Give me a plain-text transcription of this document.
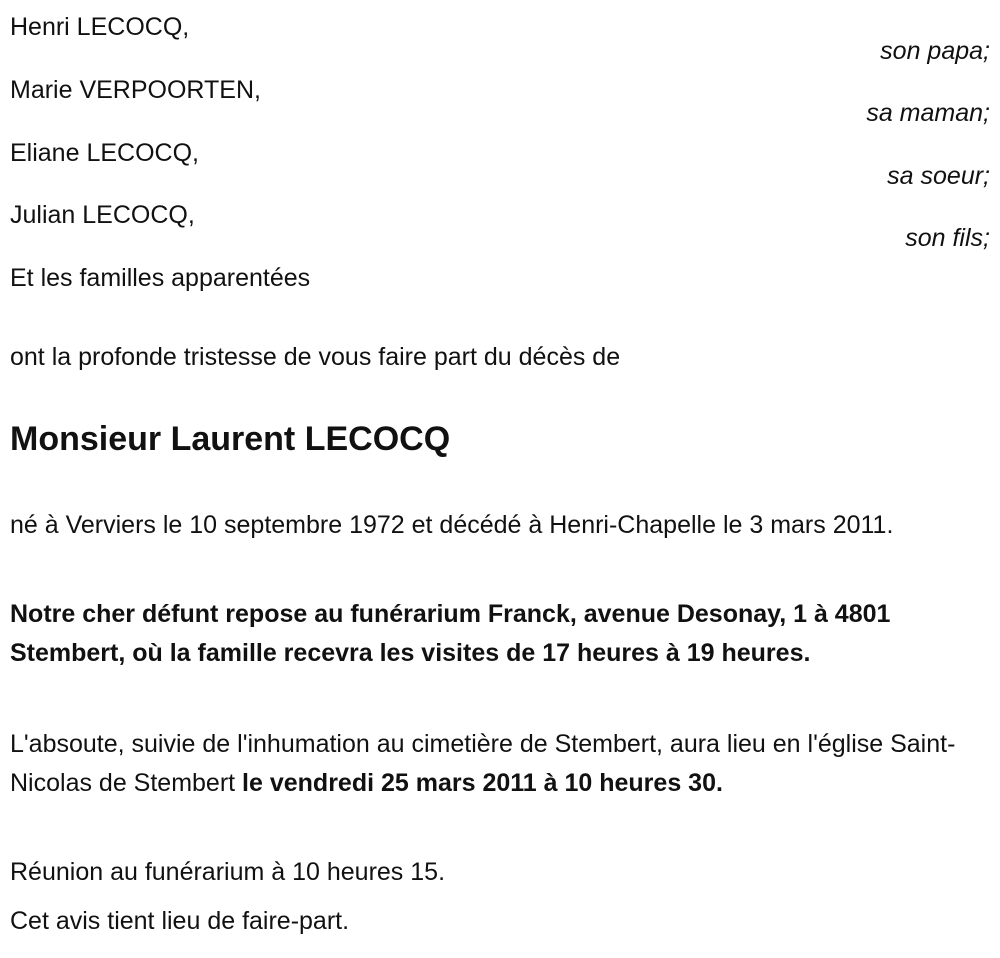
Henri LECOCQ,
son papa;
Marie VERPOORTEN,
sa maman;
Eliane LECOCQ,
sa soeur;
Julian LECOCQ,
son fils;
Et les familles apparentées
ont la profonde tristesse de vous faire part du décès de
Monsieur Laurent LECOCQ
né à Verviers le 10 septembre 1972 et décédé à Henri-Chapelle le 3 mars 2011.
Notre cher défunt repose au funérarium Franck, avenue Desonay, 1 à 4801 Stembert, où la famille recevra les visites de 17 heures à 19 heures.
L'absoute, suivie de l'inhumation au cimetière de Stembert, aura lieu en l'église Saint-Nicolas de Stembert le vendredi 25 mars 2011 à 10 heures 30.
Réunion au funérarium à 10 heures 15.
Cet avis tient lieu de faire-part.
